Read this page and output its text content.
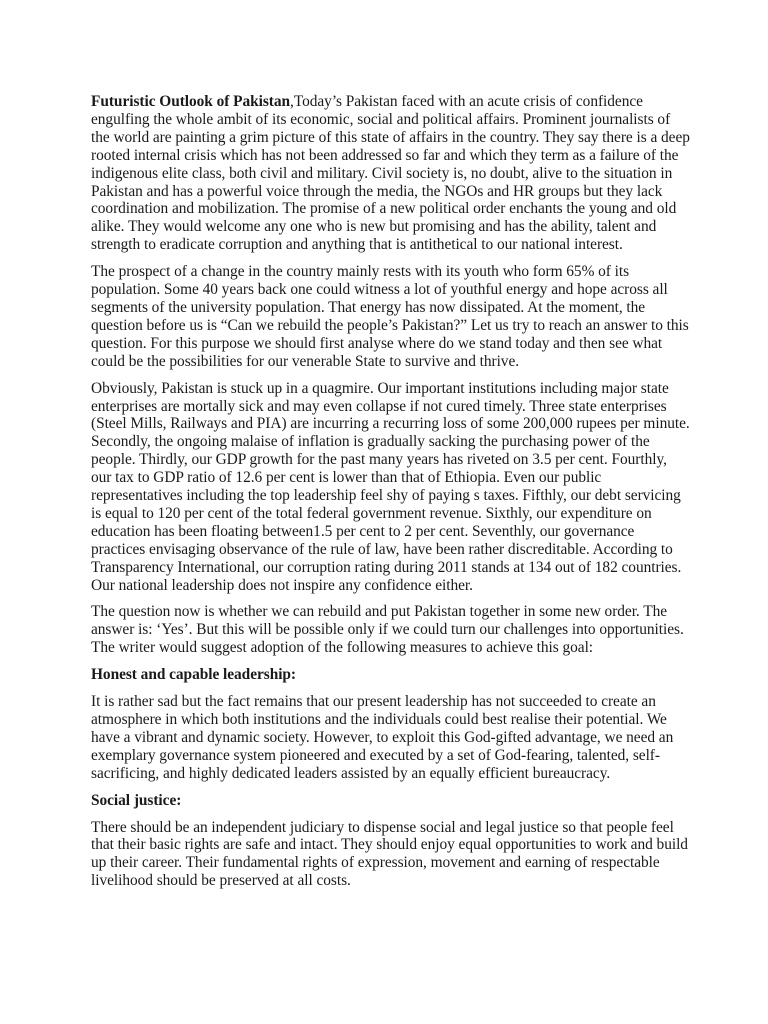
Futuristic Outlook of Pakistan,Today’s Pakistan faced with an acute crisis of confidence engulfing the whole ambit of its economic, social and political affairs. Prominent journalists of the world are painting a grim picture of this state of affairs in the country. They say there is a deep rooted internal crisis which has not been addressed so far and which they term as a failure of the indigenous elite class, both civil and military. Civil society is, no doubt, alive to the situation in Pakistan and has a powerful voice through the media, the NGOs and HR groups but they lack coordination and mobilization. The promise of a new political order enchants the young and old alike. They would welcome any one who is new but promising and has the ability, talent and strength to eradicate corruption and anything that is antithetical to our national interest.

The prospect of a change in the country mainly rests with its youth who form 65% of its population. Some 40 years back one could witness a lot of youthful energy and hope across all segments of the university population. That energy has now dissipated. At the moment, the question before us is “Can we rebuild the people’s Pakistan?” Let us try to reach an answer to this question. For this purpose we should first analyse where do we stand today and then see what could be the possibilities for our venerable State to survive and thrive.

Obviously, Pakistan is stuck up in a quagmire. Our important institutions including major state enterprises are mortally sick and may even collapse if not cured timely. Three state enterprises (Steel Mills, Railways and PIA) are incurring a recurring loss of some 200,000 rupees per minute. Secondly, the ongoing malaise of inflation is gradually sacking the purchasing power of the people. Thirdly, our GDP growth for the past many years has riveted on 3.5 per cent. Fourthly, our tax to GDP ratio of 12.6 per cent is lower than that of Ethiopia. Even our public representatives including the top leadership feel shy of paying s taxes. Fifthly, our debt servicing is equal to 120 per cent of the total federal government revenue. Sixthly, our expenditure on education has been floating between1.5 per cent to 2 per cent. Seventhly, our governance practices envisaging observance of the rule of law, have been rather discreditable. According to Transparency International, our corruption rating during 2011 stands at 134 out of 182 countries. Our national leadership does not inspire any confidence either.

The question now is whether we can rebuild and put Pakistan together in some new order. The answer is: ‘Yes’. But this will be possible only if we could turn our challenges into opportunities. The writer would suggest adoption of the following measures to achieve this goal:

Honest and capable leadership:

It is rather sad but the fact remains that our present leadership has not succeeded to create an atmosphere in which both institutions and the individuals could best realise their potential. We have a vibrant and dynamic society. However, to exploit this God-gifted advantage, we need an exemplary governance system pioneered and executed by a set of God-fearing, talented, self-sacrificing, and highly dedicated leaders assisted by an equally efficient bureaucracy.

Social justice:

There should be an independent judiciary to dispense social and legal justice so that people feel that their basic rights are safe and intact. They should enjoy equal opportunities to work and build up their career. Their fundamental rights of expression, movement and earning of respectable livelihood should be preserved at all costs.
